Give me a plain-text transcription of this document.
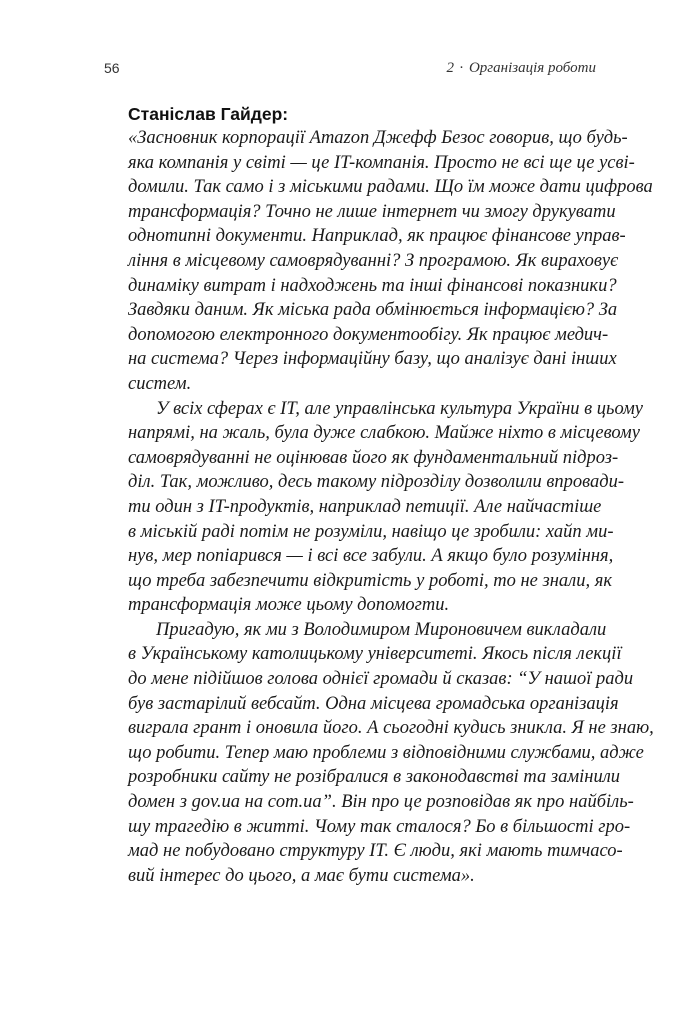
56	2 · Організація роботи

Станіслав Гайдер:

«Засновник корпорації Amazon Джефф Безос говорив, що будь-
яка компанія у світі — це IT-компанія. Просто не всі ще це усві-
домили. Так само і з міськими радами. Що їм може дати цифрова
трансформація? Точно не лише інтернет чи змогу друкувати
однотипні документи. Наприклад, як працює фінансове управ-
ління в місцевому самоврядуванні? З програмою. Як вираховує
динаміку витрат і надходжень та інші фінансові показники?
Завдяки даним. Як міська рада обмінюється інформацією? За
допомогою електронного документообігу. Як працює медич-
на система? Через інформаційну базу, що аналізує дані інших
систем.
У всіх сферах є IT, але управлінська культура України в цьому
напрямі, на жаль, була дуже слабкою. Майже ніхто в місцевому
самоврядуванні не оцінював його як фундаментальний підроз-
діл. Так, можливо, десь такому підрозділу дозволили впровади-
ти один з IT-продуктів, наприклад петиції. Але найчастіше
в міській раді потім не розуміли, навіщо це зробили: хайп ми-
нув, мер попіарився — і всі все забули. А якщо було розуміння,
що треба забезпечити відкритість у роботі, то не знали, як
трансформація може цьому допомогти.
Пригадую, як ми з Володимиром Мироновичем викладали
в Українському католицькому університеті. Якось після лекції
до мене підійшов голова однієї громади й сказав: “У нашої ради
був застарілий вебсайт. Одна місцева громадська організація
виграла грант і оновила його. А сьогодні кудись зникла. Я не знаю,
що робити. Тепер маю проблеми з відповідними службами, адже
розробники сайту не розібралися в законодавстві та замінили
домен з gov.ua на com.ua”. Він про це розповідав як про найбіль-
шу трагедію в житті. Чому так сталося? Бо в більшості гро-
мад не побудовано структуру IT. Є люди, які мають тимчасо-
вий інтерес до цього, а має бути система».
